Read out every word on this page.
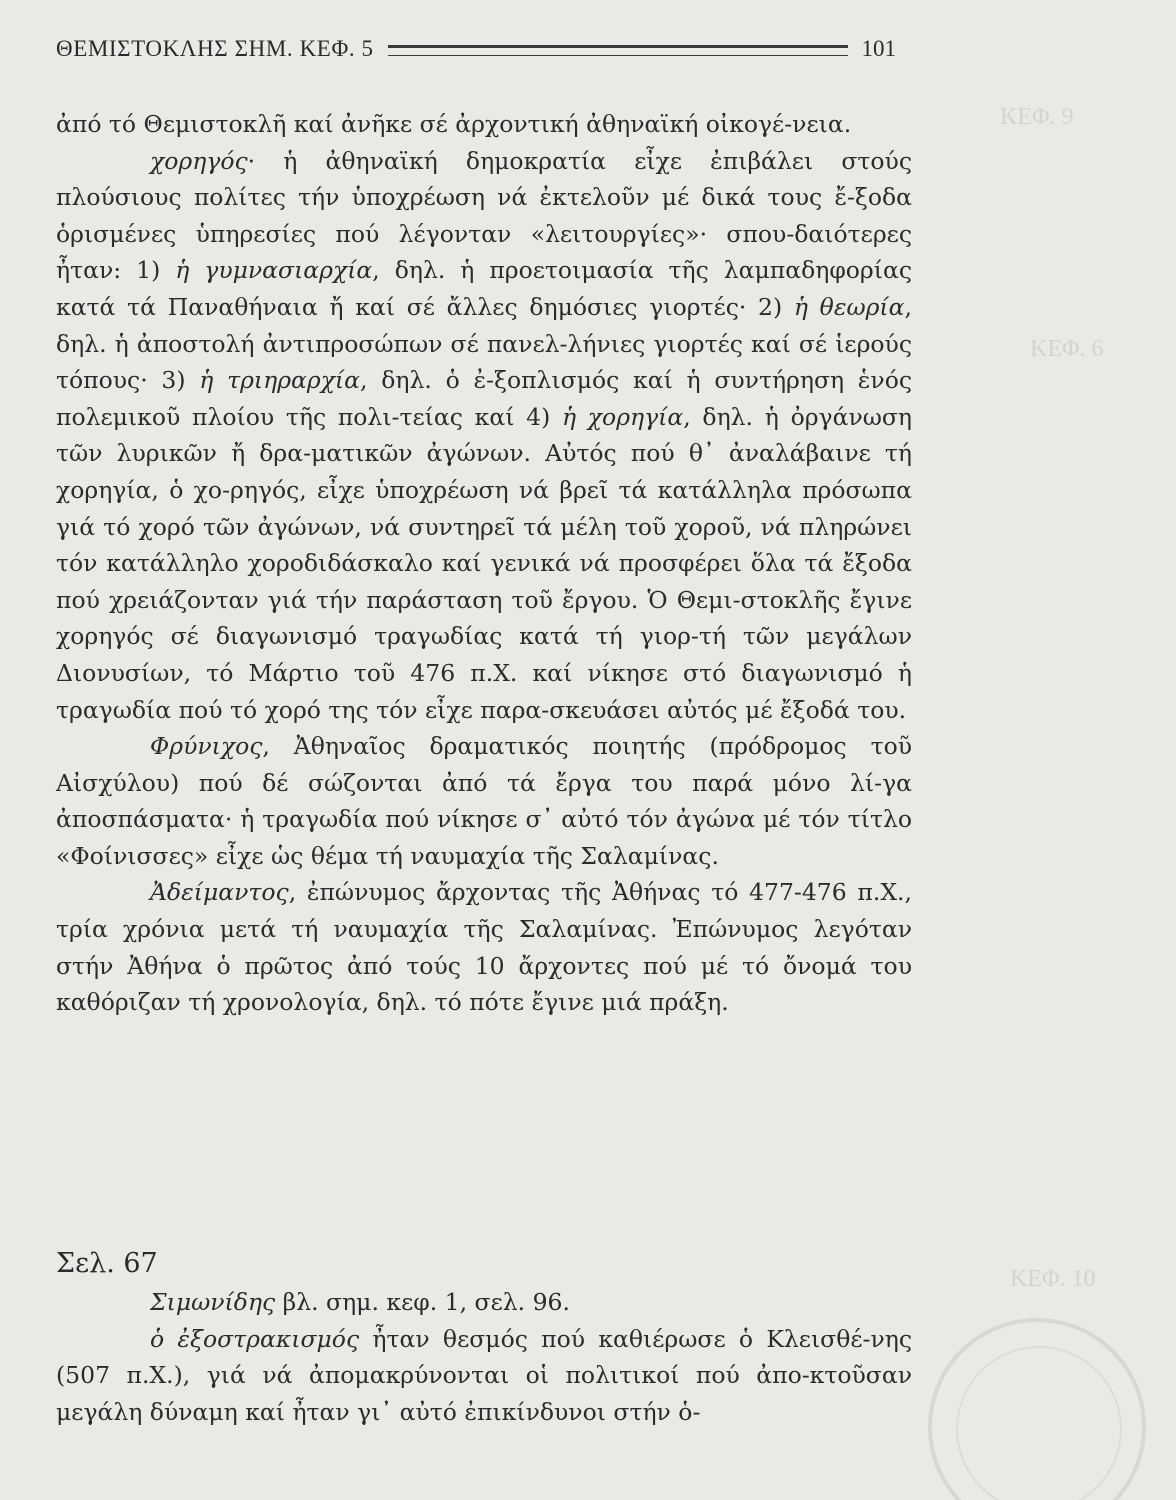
ΚΕΦ. 9
ΚΕΦ. 6
ΚΕΦ. 10
ΘΕΜΙΣΤΟΚΛΗΣ ΣΗΜ. ΚΕΦ. 5	101

ἀπό τό Θεμιστοκλῆ καί ἀνῆκε σέ ἀρχοντική ἀθηναϊκή οἰκογέ-νεια.

χορηγός· ἡ ἀθηναϊκή δημοκρατία εἶχε ἐπιβάλει στούς πλούσιους πολίτες τήν ὑποχρέωση νά ἐκτελοῦν μέ δικά τους ἔ-ξοδα ὁρισμένες ὑπηρεσίες πού λέγονταν «λειτουργίες»· σπου-δαιότερες ἦταν: 1) ἡ γυμνασιαρχία, δηλ. ἡ προετοιμασία τῆς λαμπαδηφορίας κατά τά Παναθήναια ἤ καί σέ ἄλλες δημόσιες γιορτές· 2) ἡ θεωρία, δηλ. ἡ ἀποστολή ἀντιπροσώπων σέ πανελ-λήνιες γιορτές καί σέ ἱερούς τόπους· 3) ἡ τριηραρχία, δηλ. ὁ ἐ-ξοπλισμός καί ἡ συντήρηση ἑνός πολεμικοῦ πλοίου τῆς πολι-τείας καί 4) ἡ χορηγία, δηλ. ἡ ὀργάνωση τῶν λυρικῶν ἤ δρα-ματικῶν ἀγώνων. Αὐτός πού θ᾿ ἀναλάβαινε τή χορηγία, ὁ χο-ρηγός, εἶχε ὑποχρέωση νά βρεῖ τά κατάλληλα πρόσωπα γιά τό χορό τῶν ἀγώνων, νά συντηρεῖ τά μέλη τοῦ χοροῦ, νά πληρώνει τόν κατάλληλο χοροδιδάσκαλο καί γενικά νά προσφέρει ὅλα τά ἔξοδα πού χρειάζονταν γιά τήν παράσταση τοῦ ἔργου. Ὁ Θεμι-στοκλῆς ἔγινε χορηγός σέ διαγωνισμό τραγωδίας κατά τή γιορ-τή τῶν μεγάλων Διονυσίων, τό Μάρτιο τοῦ 476 π.Χ. καί νίκησε στό διαγωνισμό ἡ τραγωδία πού τό χορό της τόν εἶχε παρα-σκευάσει αὐτός μέ ἔξοδά του.

Φρύνιχος, Ἀθηναῖος δραματικός ποιητής (πρόδρομος τοῦ Αἰσχύλου) πού δέ σώζονται ἀπό τά ἔργα του παρά μόνο λί-γα ἀποσπάσματα· ἡ τραγωδία πού νίκησε σ᾿ αὐτό τόν ἀγώνα μέ τόν τίτλο «Φοίνισσες» εἶχε ὡς θέμα τή ναυμαχία τῆς Σαλαμίνας.

Ἀδείμαντος, ἐπώνυμος ἄρχοντας τῆς Ἀθήνας τό 477-476 π.Χ., τρία χρόνια μετά τή ναυμαχία τῆς Σαλαμίνας. Ἐπώνυμος λεγόταν στήν Ἀθήνα ὁ πρῶτος ἀπό τούς 10 ἄρχοντες πού μέ τό ὄνομά του καθόριζαν τή χρονολογία, δηλ. τό πότε ἔγινε μιά πράξη.

Σελ. 67

Σιμωνίδης βλ. σημ. κεφ. 1, σελ. 96.

ὁ ἐξοστρακισμός ἦταν θεσμός πού καθιέρωσε ὁ Κλεισθέ-νης (507 π.Χ.), γιά νά ἀπομακρύνονται οἱ πολιτικοί πού ἀπο-κτοῦσαν μεγάλη δύναμη καί ἦταν γι᾿ αὐτό ἐπικίνδυνοι στήν ὁ-
